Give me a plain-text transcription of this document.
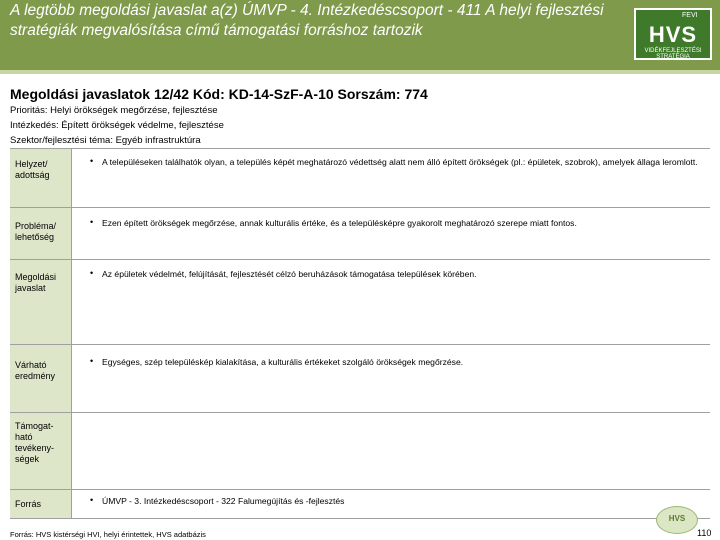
A legtöbb megoldási javaslat a(z) ÚMVP - 4. Intézkedéscsoport - 411 A helyi fejlesztési stratégiák megvalósítása című támogatási forráshoz tartozik
FEVI
HVS
VIDÉKFEJLESZTÉSI STRATÉGIA
Megoldási javaslatok 12/42 Kód: KD-14-SzF-A-10 Sorszám: 774
Prioritás: Helyi örökségek megőrzése, fejlesztése
Intézkedés: Épített örökségek védelme, fejlesztése
Szektor/fejlesztési téma: Egyéb infrastruktúra
Helyzet/ adottság
• A településeken találhatók olyan, a település képét meghatározó védettség alatt nem álló épített örökségek (pl.: épületek, szobrok), amelyek állaga leromlott.
Probléma/ lehetőség
• Ezen épített örökségek megőrzése, annak kulturális értéke, és a településképre gyakorolt meghatározó szerepe miatt fontos.
Megoldási javaslat
• Az épületek védelmét, felújítását, fejlesztését célzó beruházások támogatása települések körében.
Várható eredmény
• Egységes, szép településkép kialakítása, a kulturális értékeket szolgáló örökségek megőrzése.
Támogat-ható tevékeny-ségek
Forrás	• ÚMVP - 3. Intézkedéscsoport - 322 Falumegújítás és -fejlesztés
Forrás: HVS kistérségi HVI, helyi érintettek, HVS adatbázis
HVS
110
